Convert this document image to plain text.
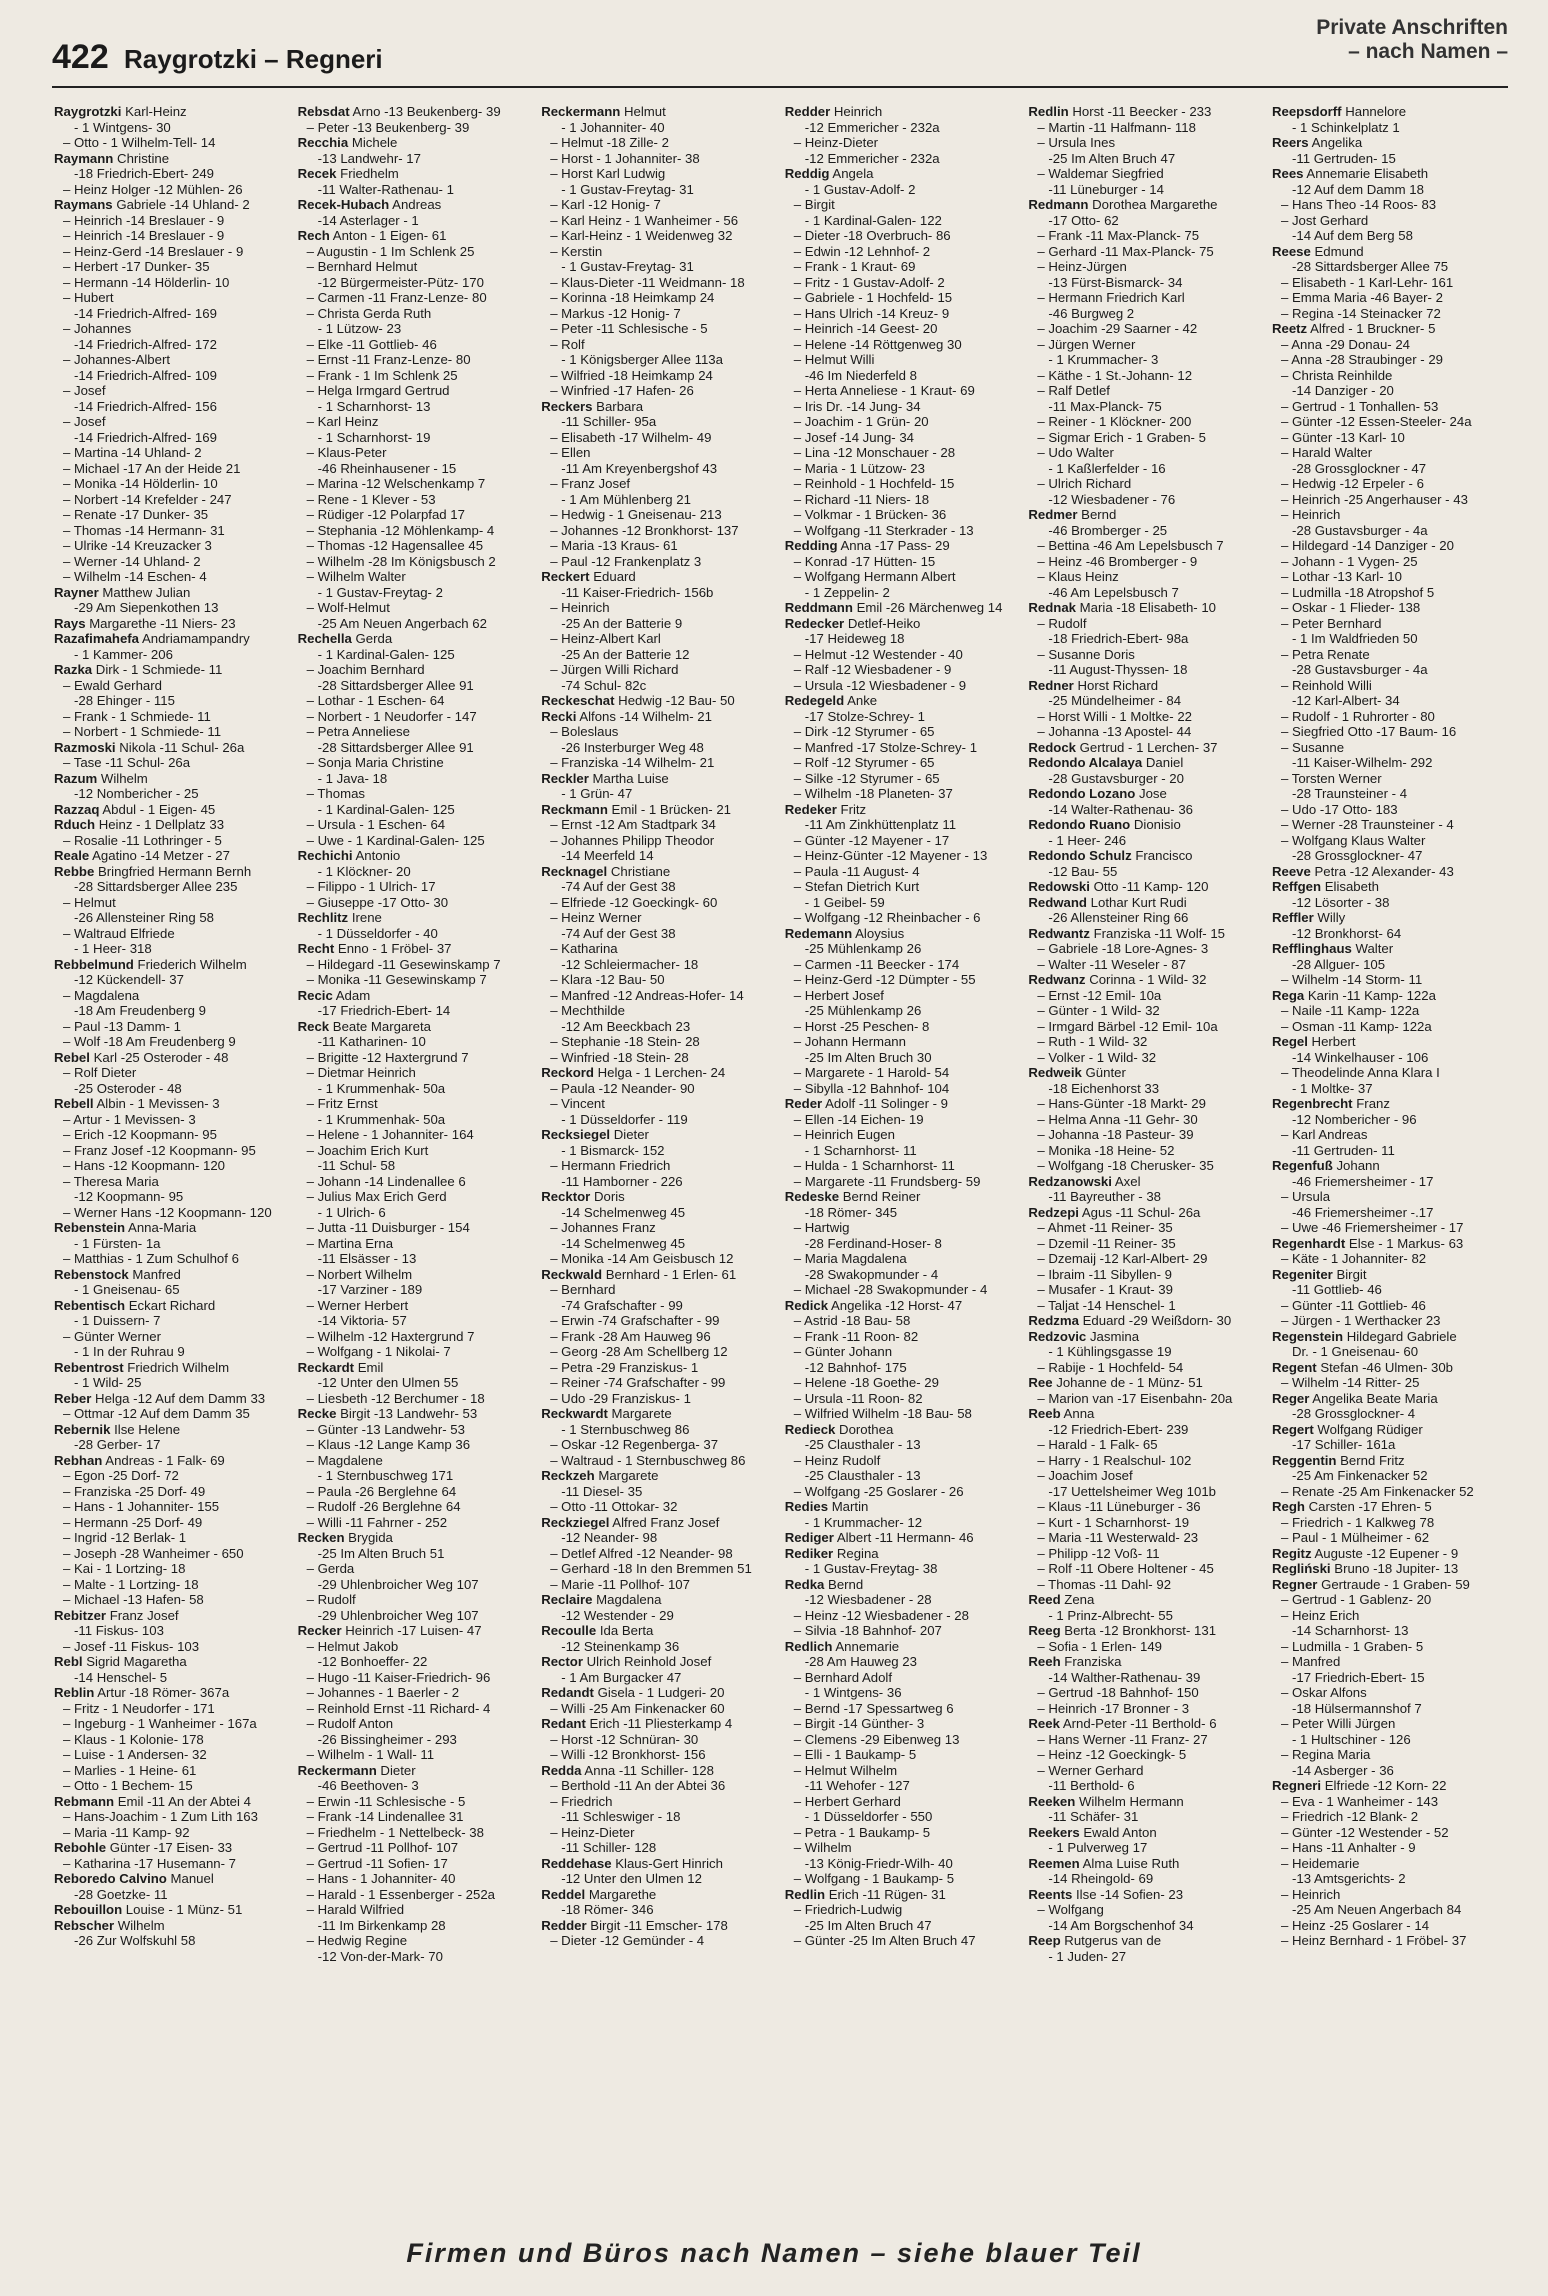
422 Raygrotzki – Regneri
Private Anschriften
– nach Namen –
Raygrotzki Karl-Heinz
- 1 Wintgens- 30
– Otto - 1 Wilhelm-Tell- 14
Raymann Christine
-18 Friedrich-Ebert- 249
– Heinz Holger -12 Mühlen- 26
Raymans Gabriele -14 Uhland- 2
– Heinrich -14 Breslauer - 9
– Heinrich -14 Breslauer - 9
– Heinz-Gerd -14 Breslauer - 9
– Herbert -17 Dunker- 35
– Hermann -14 Hölderlin- 10
– Hubert
-14 Friedrich-Alfred- 169
– Johannes
-14 Friedrich-Alfred- 172
– Johannes-Albert
-14 Friedrich-Alfred- 109
– Josef
-14 Friedrich-Alfred- 156
– Josef
-14 Friedrich-Alfred- 169
– Martina -14 Uhland- 2
– Michael -17 An der Heide 21
– Monika -14 Hölderlin- 10
– Norbert -14 Krefelder - 247
– Renate -17 Dunker- 35
– Thomas -14 Hermann- 31
– Ulrike -14 Kreuzacker 3
– Werner -14 Uhland- 2
– Wilhelm -14 Eschen- 4
Rayner Matthew Julian
-29 Am Siepenkothen 13
Rays Margarethe -11 Niers- 23
Razafimahefa Andriamampandry
- 1 Kammer- 206
Razka Dirk - 1 Schmiede- 11
– Ewald Gerhard
-28 Ehinger - 115
– Frank - 1 Schmiede- 11
– Norbert - 1 Schmiede- 11
Razmoski Nikola -11 Schul- 26a
– Tase -11 Schul- 26a
Razum Wilhelm
-12 Nombericher - 25
Razzaq Abdul - 1 Eigen- 45
Rduch Heinz - 1 Dellplatz 33
– Rosalie -11 Lothringer - 5
Reale Agatino -14 Metzer - 27
Rebbe Bringfried Hermann Bernh
-28 Sittardsberger Allee 235
– Helmut
-26 Allensteiner Ring 58
– Waltraud Elfriede
- 1 Heer- 318
Rebbelmund Friederich Wilhelm
-12 Kückendell- 37
– Magdalena
-18 Am Freudenberg 9
– Paul -13 Damm- 1
– Wolf -18 Am Freudenberg 9
Rebel Karl -25 Osteroder - 48
– Rolf Dieter
-25 Osteroder - 48
Rebell Albin - 1 Mevissen- 3
– Artur - 1 Mevissen- 3
– Erich -12 Koopmann- 95
– Franz Josef -12 Koopmann- 95
– Hans -12 Koopmann- 120
– Theresa Maria
-12 Koopmann- 95
– Werner Hans -12 Koopmann- 120
Rebenstein Anna-Maria
- 1 Fürsten- 1a
– Matthias - 1 Zum Schulhof 6
Rebenstock Manfred
- 1 Gneisenau- 65
Rebentisch Eckart Richard
- 1 Duissern- 7
– Günter Werner
- 1 In der Ruhrau 9
Rebentrost Friedrich Wilhelm
- 1 Wild- 25
Reber Helga -12 Auf dem Damm 33
– Ottmar -12 Auf dem Damm 35
Rebernik Ilse Helene
-28 Gerber- 17
Rebhan Andreas - 1 Falk- 69
– Egon -25 Dorf- 72
– Franziska -25 Dorf- 49
– Hans - 1 Johanniter- 155
– Hermann -25 Dorf- 49
– Ingrid -12 Berlak- 1
– Joseph -28 Wanheimer - 650
– Kai - 1 Lortzing- 18
– Malte - 1 Lortzing- 18
– Michael -13 Hafen- 58
Rebitzer Franz Josef
-11 Fiskus- 103
– Josef -11 Fiskus- 103
Rebl Sigrid Magaretha
-14 Henschel- 5
Reblin Artur -18 Römer- 367a
– Fritz - 1 Neudorfer - 171
– Ingeburg - 1 Wanheimer - 167a
– Klaus - 1 Kolonie- 178
– Luise - 1 Andersen- 32
– Marlies - 1 Heine- 61
– Otto - 1 Bechem- 15
Rebmann Emil -11 An der Abtei 4
– Hans-Joachim - 1 Zum Lith 163
– Maria -11 Kamp- 92
Rebohle Günter -17 Eisen- 33
– Katharina -17 Husemann- 7
Reboredo Calvino Manuel
-28 Goetzke- 11
Rebouillon Louise - 1 Münz- 51
Rebscher Wilhelm
-26 Zur Wolfskuhl 58
Rebsdat Arno -13 Beukenberg- 39
– Peter -13 Beukenberg- 39
Recchia Michele
-13 Landwehr- 17
Recek Friedhelm
-11 Walter-Rathenau- 1
Recek-Hubach Andreas
-14 Asterlager - 1
Rech Anton - 1 Eigen- 61
– Augustin - 1 Im Schlenk 25
– Bernhard Helmut
-12 Bürgermeister-Pütz- 170
– Carmen -11 Franz-Lenze- 80
– Christa Gerda Ruth
- 1 Lützow- 23
– Elke -11 Gottlieb- 46
– Ernst -11 Franz-Lenze- 80
– Frank - 1 Im Schlenk 25
– Helga Irmgard Gertrud
- 1 Scharnhorst- 13
– Karl Heinz
- 1 Scharnhorst- 19
– Klaus-Peter
-46 Rheinhausener - 15
– Marina -12 Welschenkamp 7
– Rene - 1 Klever - 53
– Rüdiger -12 Polarpfad 17
– Stephania -12 Möhlenkamp- 4
– Thomas -12 Hagensallee 45
– Wilhelm -28 Im Königsbusch 2
– Wilhelm Walter
- 1 Gustav-Freytag- 2
– Wolf-Helmut
-25 Am Neuen Angerbach 62
Rechella Gerda
- 1 Kardinal-Galen- 125
– Joachim Bernhard
-28 Sittardsberger Allee 91
– Lothar - 1 Eschen- 64
– Norbert - 1 Neudorfer - 147
– Petra Anneliese
-28 Sittardsberger Allee 91
– Sonja Maria Christine
- 1 Java- 18
– Thomas
- 1 Kardinal-Galen- 125
– Ursula - 1 Eschen- 64
– Uwe - 1 Kardinal-Galen- 125
Rechichi Antonio
- 1 Klöckner- 20
– Filippo - 1 Ulrich- 17
– Giuseppe -17 Otto- 30
Rechlitz Irene
- 1 Düsseldorfer - 40
Recht Enno - 1 Fröbel- 37
– Hildegard -11 Gesewinskamp 7
– Monika -11 Gesewinskamp 7
Recic Adam
-17 Friedrich-Ebert- 14
Reck Beate Margareta
-11 Katharinen- 10
– Brigitte -12 Haxtergrund 7
– Dietmar Heinrich
- 1 Krummenhak- 50a
– Fritz Ernst
- 1 Krummenhak- 50a
– Helene - 1 Johanniter- 164
– Joachim Erich Kurt
-11 Schul- 58
– Johann -14 Lindenallee 6
– Julius Max Erich Gerd
- 1 Ulrich- 6
– Jutta -11 Duisburger - 154
– Martina Erna
-11 Elsässer - 13
– Norbert Wilhelm
-17 Varziner - 189
– Werner Herbert
-14 Viktoria- 57
– Wilhelm -12 Haxtergrund 7
– Wolfgang - 1 Nikolai- 7
Reckardt Emil
-12 Unter den Ulmen 55
– Liesbeth -12 Berchumer - 18
Recke Birgit -13 Landwehr- 53
– Günter -13 Landwehr- 53
– Klaus -12 Lange Kamp 36
– Magdalene
- 1 Sternbuschweg 171
– Paula -26 Berglehne 64
– Rudolf -26 Berglehne 64
– Willi -11 Fahrner - 252
Recken Brygida
-25 Im Alten Bruch 51
– Gerda
-29 Uhlenbroicher Weg 107
– Rudolf
-29 Uhlenbroicher Weg 107
Recker Heinrich -17 Luisen- 47
– Helmut Jakob
-12 Bonhoeffer- 22
– Hugo -11 Kaiser-Friedrich- 96
– Johannes - 1 Baerler - 2
– Reinhold Ernst -11 Richard- 4
– Rudolf Anton
-26 Bissingheimer - 293
– Wilhelm - 1 Wall- 11
Reckermann Dieter
-46 Beethoven- 3
– Erwin -11 Schlesische - 5
– Frank -14 Lindenallee 31
– Friedhelm - 1 Nettelbeck- 38
– Gertrud -11 Pollhof- 107
– Gertrud -11 Sofien- 17
– Hans - 1 Johanniter- 40
– Harald - 1 Essenberger - 252a
– Harald Wilfried
-11 Im Birkenkamp 28
– Hedwig Regine
-12 Von-der-Mark- 70
Reckermann Helmut
- 1 Johanniter- 40
– Helmut -18 Zille- 2
– Horst - 1 Johanniter- 38
– Horst Karl Ludwig
- 1 Gustav-Freytag- 31
– Karl -12 Honig- 7
– Karl Heinz - 1 Wanheimer - 56
– Karl-Heinz - 1 Weidenweg 32
– Kerstin
- 1 Gustav-Freytag- 31
– Klaus-Dieter -11 Weidmann- 18
– Korinna -18 Heimkamp 24
– Markus -12 Honig- 7
– Peter -11 Schlesische - 5
– Rolf
- 1 Königsberger Allee 113a
– Wilfried -18 Heimkamp 24
– Winfried -17 Hafen- 26
Reckers Barbara
-11 Schiller- 95a
– Elisabeth -17 Wilhelm- 49
– Ellen
-11 Am Kreyenbergshof 43
– Franz Josef
- 1 Am Mühlenberg 21
– Hedwig - 1 Gneisenau- 213
– Johannes -12 Bronkhorst- 137
– Maria -13 Kraus- 61
– Paul -12 Frankenplatz 3
Reckert Eduard
-11 Kaiser-Friedrich- 156b
– Heinrich
-25 An der Batterie 9
– Heinz-Albert Karl
-25 An der Batterie 12
– Jürgen Willi Richard
-74 Schul- 82c
Reckeschat Hedwig -12 Bau- 50
Recki Alfons -14 Wilhelm- 21
– Boleslaus
-26 Insterburger Weg 48
– Franziska -14 Wilhelm- 21
Reckler Martha Luise
- 1 Grün- 47
Reckmann Emil - 1 Brücken- 21
– Ernst -12 Am Stadtpark 34
– Johannes Philipp Theodor
-14 Meerfeld 14
Recknagel Christiane
-74 Auf der Gest 38
– Elfriede -12 Goeckingk- 60
– Heinz Werner
-74 Auf der Gest 38
– Katharina
-12 Schleiermacher- 18
– Klara -12 Bau- 50
– Manfred -12 Andreas-Hofer- 14
– Mechthilde
-12 Am Beeckbach 23
– Stephanie -18 Stein- 28
– Winfried -18 Stein- 28
Reckord Helga - 1 Lerchen- 24
– Paula -12 Neander- 90
– Vincent
- 1 Düsseldorfer - 119
Recksiegel Dieter
- 1 Bismarck- 152
– Hermann Friedrich
-11 Hamborner - 226
Recktor Doris
-14 Schelmenweg 45
– Johannes Franz
-14 Schelmenweg 45
– Monika -14 Am Geisbusch 12
Reckwald Bernhard - 1 Erlen- 61
– Bernhard
-74 Grafschafter - 99
– Erwin -74 Grafschafter - 99
– Frank -28 Am Hauweg 96
– Georg -28 Am Schellberg 12
– Petra -29 Franziskus- 1
– Reiner -74 Grafschafter - 99
– Udo -29 Franziskus- 1
Reckwardt Margarete
- 1 Sternbuschweg 86
– Oskar -12 Regenberga- 37
– Waltraud - 1 Sternbuschweg 86
Reckzeh Margarete
-11 Diesel- 35
– Otto -11 Ottokar- 32
Reckziegel Alfred Franz Josef
-12 Neander- 98
– Detlef Alfred -12 Neander- 98
– Gerhard -18 In den Bremmen 51
– Marie -11 Pollhof- 107
Reclaire Magdalena
-12 Westender - 29
Recoulle Ida Berta
-12 Steinenkamp 36
Rector Ulrich Reinhold Josef
- 1 Am Burgacker 47
Redandt Gisela - 1 Ludgeri- 20
– Willi -25 Am Finkenacker 60
Redant Erich -11 Pliesterkamp 4
– Horst -12 Schnüran- 30
– Willi -12 Bronkhorst- 156
Redda Anna -11 Schiller- 128
– Berthold -11 An der Abtei 36
– Friedrich
-11 Schleswiger - 18
– Heinz-Dieter
-11 Schiller- 128
Reddehase Klaus-Gert Hinrich
-12 Unter den Ulmen 12
Reddel Margarethe
-18 Römer- 346
Redder Birgit -11 Emscher- 178
– Dieter -12 Gemünder - 4
Redder Heinrich
-12 Emmericher - 232a
– Heinz-Dieter
-12 Emmericher - 232a
Reddig Angela
- 1 Gustav-Adolf- 2
– Birgit
- 1 Kardinal-Galen- 122
– Dieter -18 Overbruch- 86
– Edwin -12 Lehnhof- 2
– Frank - 1 Kraut- 69
– Fritz - 1 Gustav-Adolf- 2
– Gabriele - 1 Hochfeld- 15
– Hans Ulrich -14 Kreuz- 9
– Heinrich -14 Geest- 20
– Helene -14 Röttgenweg 30
– Helmut Willi
-46 Im Niederfeld 8
– Herta Anneliese - 1 Kraut- 69
– Iris Dr. -14 Jung- 34
– Joachim - 1 Grün- 20
– Josef -14 Jung- 34
– Lina -12 Monschauer - 28
– Maria - 1 Lützow- 23
– Reinhold - 1 Hochfeld- 15
– Richard -11 Niers- 18
– Volkmar - 1 Brücken- 36
– Wolfgang -11 Sterkrader - 13
Redding Anna -17 Pass- 29
– Konrad -17 Hütten- 15
– Wolfgang Hermann Albert
- 1 Zeppelin- 2
Reddmann Emil -26 Märchenweg 14
Redecker Detlef-Heiko
-17 Heideweg 18
– Helmut -12 Westender - 40
– Ralf -12 Wiesbadener - 9
– Ursula -12 Wiesbadener - 9
Redegeld Anke
-17 Stolze-Schrey- 1
– Dirk -12 Styrumer - 65
– Manfred -17 Stolze-Schrey- 1
– Rolf -12 Styrumer - 65
– Silke -12 Styrumer - 65
– Wilhelm -18 Planeten- 37
Redeker Fritz
-11 Am Zinkhüttenplatz 11
– Günter -12 Mayener - 17
– Heinz-Günter -12 Mayener - 13
– Paula -11 August- 4
– Stefan Dietrich Kurt
- 1 Geibel- 59
– Wolfgang -12 Rheinbacher - 6
Redemann Aloysius
-25 Mühlenkamp 26
– Carmen -11 Beecker - 174
– Heinz-Gerd -12 Dümpter - 55
– Herbert Josef
-25 Mühlenkamp 26
– Horst -25 Peschen- 8
– Johann Hermann
-25 Im Alten Bruch 30
– Margarete - 1 Harold- 54
– Sibylla -12 Bahnhof- 104
Reder Adolf -11 Solinger - 9
– Ellen -14 Eichen- 19
– Heinrich Eugen
- 1 Scharnhorst- 11
– Hulda - 1 Scharnhorst- 11
– Margarete -11 Frundsberg- 59
Redeske Bernd Reiner
-18 Römer- 345
– Hartwig
-28 Ferdinand-Hoser- 8
– Maria Magdalena
-28 Swakopmunder - 4
– Michael -28 Swakopmunder - 4
Redick Angelika -12 Horst- 47
– Astrid -18 Bau- 58
– Frank -11 Roon- 82
– Günter Johann
-12 Bahnhof- 175
– Helene -18 Goethe- 29
– Ursula -11 Roon- 82
– Wilfried Wilhelm -18 Bau- 58
Redieck Dorothea
-25 Clausthaler - 13
– Heinz Rudolf
-25 Clausthaler - 13
– Wolfgang -25 Goslarer - 26
Redies Martin
- 1 Krummacher- 12
Rediger Albert -11 Hermann- 46
Rediker Regina
- 1 Gustav-Freytag- 38
Redka Bernd
-12 Wiesbadener - 28
– Heinz -12 Wiesbadener - 28
– Silvia -18 Bahnhof- 207
Redlich Annemarie
-28 Am Hauweg 23
– Bernhard Adolf
- 1 Wintgens- 36
– Bernd -17 Spessartweg 6
– Birgit -14 Günther- 3
– Clemens -29 Eibenweg 13
– Elli - 1 Baukamp- 5
– Helmut Wilhelm
-11 Wehofer - 127
– Herbert Gerhard
- 1 Düsseldorfer - 550
– Petra - 1 Baukamp- 5
– Wilhelm
-13 König-Friedr-Wilh- 40
– Wolfgang - 1 Baukamp- 5
Redlin Erich -11 Rügen- 31
– Friedrich-Ludwig
-25 Im Alten Bruch 47
– Günter -25 Im Alten Bruch 47
Redlin Horst -11 Beecker - 233
– Martin -11 Halfmann- 118
– Ursula Ines
-25 Im Alten Bruch 47
– Waldemar Siegfried
-11 Lüneburger - 14
Redmann Dorothea Margarethe
-17 Otto- 62
– Frank -11 Max-Planck- 75
– Gerhard -11 Max-Planck- 75
– Heinz-Jürgen
-13 Fürst-Bismarck- 34
– Hermann Friedrich Karl
-46 Burgweg 2
– Joachim -29 Saarner - 42
– Jürgen Werner
- 1 Krummacher- 3
– Käthe - 1 St.-Johann- 12
– Ralf Detlef
-11 Max-Planck- 75
– Reiner - 1 Klöckner- 200
– Sigmar Erich - 1 Graben- 5
– Udo Walter
- 1 Kaßlerfelder - 16
– Ulrich Richard
-12 Wiesbadener - 76
Redmer Bernd
-46 Bromberger - 25
– Bettina -46 Am Lepelsbusch 7
– Heinz -46 Bromberger - 9
– Klaus Heinz
-46 Am Lepelsbusch 7
Rednak Maria -18 Elisabeth- 10
– Rudolf
-18 Friedrich-Ebert- 98a
– Susanne Doris
-11 August-Thyssen- 18
Redner Horst Richard
-25 Mündelheimer - 84
– Horst Willi - 1 Moltke- 22
– Johanna -13 Apostel- 44
Redock Gertrud - 1 Lerchen- 37
Redondo Alcalaya Daniel
-28 Gustavsburger - 20
Redondo Lozano Jose
-14 Walter-Rathenau- 36
Redondo Ruano Dionisio
- 1 Heer- 246
Redondo Schulz Francisco
-12 Bau- 55
Redowski Otto -11 Kamp- 120
Redwand Lothar Kurt Rudi
-26 Allensteiner Ring 66
Redwantz Franziska -11 Wolf- 15
– Gabriele -18 Lore-Agnes- 3
– Walter -11 Weseler - 87
Redwanz Corinna - 1 Wild- 32
– Ernst -12 Emil- 10a
– Günter - 1 Wild- 32
– Irmgard Bärbel -12 Emil- 10a
– Ruth - 1 Wild- 32
– Volker - 1 Wild- 32
Redweik Günter
-18 Eichenhorst 33
– Hans-Günter -18 Markt- 29
– Helma Anna -11 Gehr- 30
– Johanna -18 Pasteur- 39
– Monika -18 Heine- 52
– Wolfgang -18 Cherusker- 35
Redzanowski Axel
-11 Bayreuther - 38
Redzepi Agus -11 Schul- 26a
– Ahmet -11 Reiner- 35
– Dzemil -11 Reiner- 35
– Dzemaij -12 Karl-Albert- 29
– Ibraim -11 Sibyllen- 9
– Musafer - 1 Kraut- 39
– Taljat -14 Henschel- 1
Redzma Eduard -29 Weißdorn- 30
Redzovic Jasmina
- 1 Kühlingsgasse 19
– Rabije - 1 Hochfeld- 54
Ree Johanne de - 1 Münz- 51
– Marion van -17 Eisenbahn- 20a
Reeb Anna
-12 Friedrich-Ebert- 239
– Harald - 1 Falk- 65
– Harry - 1 Realschul- 102
– Joachim Josef
-17 Uettelsheimer Weg 101b
– Klaus -11 Lüneburger - 36
– Kurt - 1 Scharnhorst- 19
– Maria -11 Westerwald- 23
– Philipp -12 Voß- 11
– Rolf -11 Obere Holtener - 45
– Thomas -11 Dahl- 92
Reed Zena
- 1 Prinz-Albrecht- 55
Reeg Berta -12 Bronkhorst- 131
– Sofia - 1 Erlen- 149
Reeh Franziska
-14 Walther-Rathenau- 39
– Gertrud -18 Bahnhof- 150
– Heinrich -17 Bronner - 3
Reek Arnd-Peter -11 Berthold- 6
– Hans Werner -11 Franz- 27
– Heinz -12 Goeckingk- 5
– Werner Gerhard
-11 Berthold- 6
Reeken Wilhelm Hermann
-11 Schäfer- 31
Reekers Ewald Anton
- 1 Pulverweg 17
Reemen Alma Luise Ruth
-14 Rheingold- 69
Reents Ilse -14 Sofien- 23
– Wolfgang
-14 Am Borgschenhof 34
Reep Rutgerus van de
- 1 Juden- 27
Reepsdorff Hannelore
- 1 Schinkelplatz 1
Reers Angelika
-11 Gertruden- 15
Rees Annemarie Elisabeth
-12 Auf dem Damm 18
– Hans Theo -14 Roos- 83
– Jost Gerhard
-14 Auf dem Berg 58
Reese Edmund
-28 Sittardsberger Allee 75
– Elisabeth - 1 Karl-Lehr- 161
– Emma Maria -46 Bayer- 2
– Regina -14 Steinacker 72
Reetz Alfred - 1 Bruckner- 5
– Anna -29 Donau- 24
– Anna -28 Straubinger - 29
– Christa Reinhilde
-14 Danziger - 20
– Gertrud - 1 Tonhallen- 53
– Günter -12 Essen-Steeler- 24a
– Günter -13 Karl- 10
– Harald Walter
-28 Grossglockner - 47
– Hedwig -12 Erpeler - 6
– Heinrich -25 Angerhauser - 43
– Heinrich
-28 Gustavsburger - 4a
– Hildegard -14 Danziger - 20
– Johann - 1 Vygen- 25
– Lothar -13 Karl- 10
– Ludmilla -18 Atropshof 5
– Oskar - 1 Flieder- 138
– Peter Bernhard
- 1 Im Waldfrieden 50
– Petra Renate
-28 Gustavsburger - 4a
– Reinhold Willi
-12 Karl-Albert- 34
– Rudolf - 1 Ruhrorter - 80
– Siegfried Otto -17 Baum- 16
– Susanne
-11 Kaiser-Wilhelm- 292
– Torsten Werner
-28 Traunsteiner - 4
– Udo -17 Otto- 183
– Werner -28 Traunsteiner - 4
– Wolfgang Klaus Walter
-28 Grossglockner- 47
Reeve Petra -12 Alexander- 43
Reffgen Elisabeth
-12 Lösorter - 38
Reffler Willy
-12 Bronkhorst- 64
Refflinghaus Walter
-28 Allguer- 105
– Wilhelm -14 Storm- 11
Rega Karin -11 Kamp- 122a
– Naile -11 Kamp- 122a
– Osman -11 Kamp- 122a
Regel Herbert
-14 Winkelhauser - 106
– Theodelinde Anna Klara I
- 1 Moltke- 37
Regenbrecht Franz
-12 Nombericher - 96
– Karl Andreas
-11 Gertruden- 11
Regenfuß Johann
-46 Friemersheimer - 17
– Ursula
-46 Friemersheimer -.17
– Uwe -46 Friemersheimer - 17
Regenhardt Else - 1 Markus- 63
– Käte - 1 Johanniter- 82
Regeniter Birgit
-11 Gottlieb- 46
– Günter -11 Gottlieb- 46
– Jürgen - 1 Werthacker 23
Regenstein Hildegard Gabriele
Dr. - 1 Gneisenau- 60
Regent Stefan -46 Ulmen- 30b
– Wilhelm -14 Ritter- 25
Reger Angelika Beate Maria
-28 Grossglockner- 4
Regert Wolfgang Rüdiger
-17 Schiller- 161a
Reggentin Bernd Fritz
-25 Am Finkenacker 52
– Renate -25 Am Finkenacker 52
Regh Carsten -17 Ehren- 5
– Friedrich - 1 Kalkweg 78
– Paul - 1 Mülheimer - 62
Regitz Auguste -12 Eupener - 9
Regliński Bruno -18 Jupiter- 13
Regner Gertraude - 1 Graben- 59
– Gertrud - 1 Gablenz- 20
– Heinz Erich
-14 Scharnhorst- 13
– Ludmilla - 1 Graben- 5
– Manfred
-17 Friedrich-Ebert- 15
– Oskar Alfons
-18 Hülsermannshof 7
– Peter Willi Jürgen
- 1 Hultschiner - 126
– Regina Maria
-14 Asberger - 36
Regneri Elfriede -12 Korn- 22
– Eva - 1 Wanheimer - 143
– Friedrich -12 Blank- 2
– Günter -12 Westender - 52
– Hans -11 Anhalter - 9
– Heidemarie
-13 Amtsgerichts- 2
– Heinrich
-25 Am Neuen Angerbach 84
– Heinz -25 Goslarer - 14
– Heinz Bernhard - 1 Fröbel- 37
Firmen und Büros nach Namen – siehe blauer Teil
